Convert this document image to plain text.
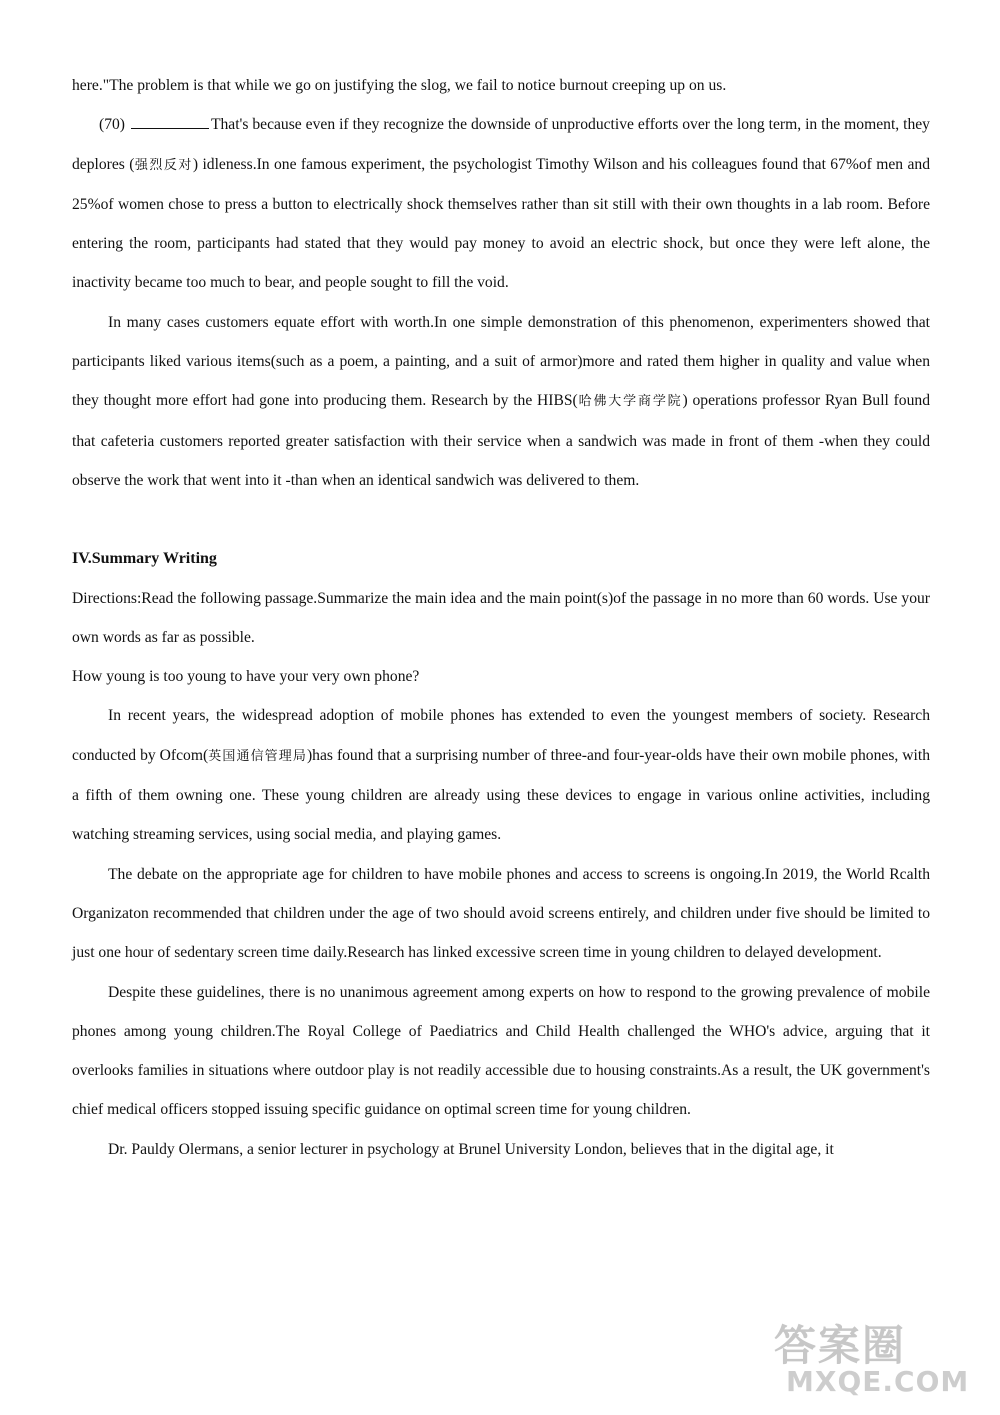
here."The problem is that while we go on justifying the slog, we fail to notice burnout creeping up on us.

(70)	That's because even if they recognize the downside of unproductive efforts over the long term, in the moment, they deplores (强烈反对) idleness.In one famous experiment, the psychologist Timothy Wilson and his colleagues found that 67%of men and 25%of women chose to press a button to electrically shock themselves rather than sit still with their own thoughts in a lab room. Before entering the room, participants had stated that they would pay money to avoid an electric shock, but once they were left alone, the inactivity became too much to bear, and people sought to fill the void.

In many cases customers equate effort with worth.In one simple demonstration of this phenomenon, experimenters showed that participants liked various items(such as a poem, a painting, and a suit of armor)more and rated them higher in quality and value when they thought more effort had gone into producing them. Research by the HIBS(哈佛大学商学院) operations professor Ryan Bull found that cafeteria customers reported greater satisfaction with their service when a sandwich was made in front of them -when they could observe the work that went into it -than when an identical sandwich was delivered to them.

IV.Summary Writing

Directions:Read the following passage.Summarize the main idea and the main point(s)of the passage in no more than 60 words. Use your own words as far as possible.

How young is too young to have your very own phone?

In recent years, the widespread adoption of mobile phones has extended to even the youngest members of society. Research conducted by Ofcom(英国通信管理局)has found that a surprising number of three-and four-year-olds have their own mobile phones, with a fifth of them owning one. These young children are already using these devices to engage in various online activities, including watching streaming services, using social media, and playing games.

The debate on the appropriate age for children to have mobile phones and access to screens is ongoing.In 2019, the World Rcalth Organizaton recommended that children under the age of two should avoid screens entirely, and children under five should be limited to just one hour of sedentary screen time daily.Research has linked excessive screen time in young children to delayed development.

Despite these guidelines, there is no unanimous agreement among experts on how to respond to the growing prevalence of mobile phones among young children.The Royal College of Paediatrics and Child Health challenged the WHO's advice, arguing that it overlooks families in situations where outdoor play is not readily accessible due to housing constraints.As a result, the UK government's chief medical officers stopped issuing specific guidance on optimal screen time for young children.

Dr. Pauldy Olermans, a senior lecturer in psychology at Brunel University London, believes that in the digital age, it

答案圈
MXQE.COM
